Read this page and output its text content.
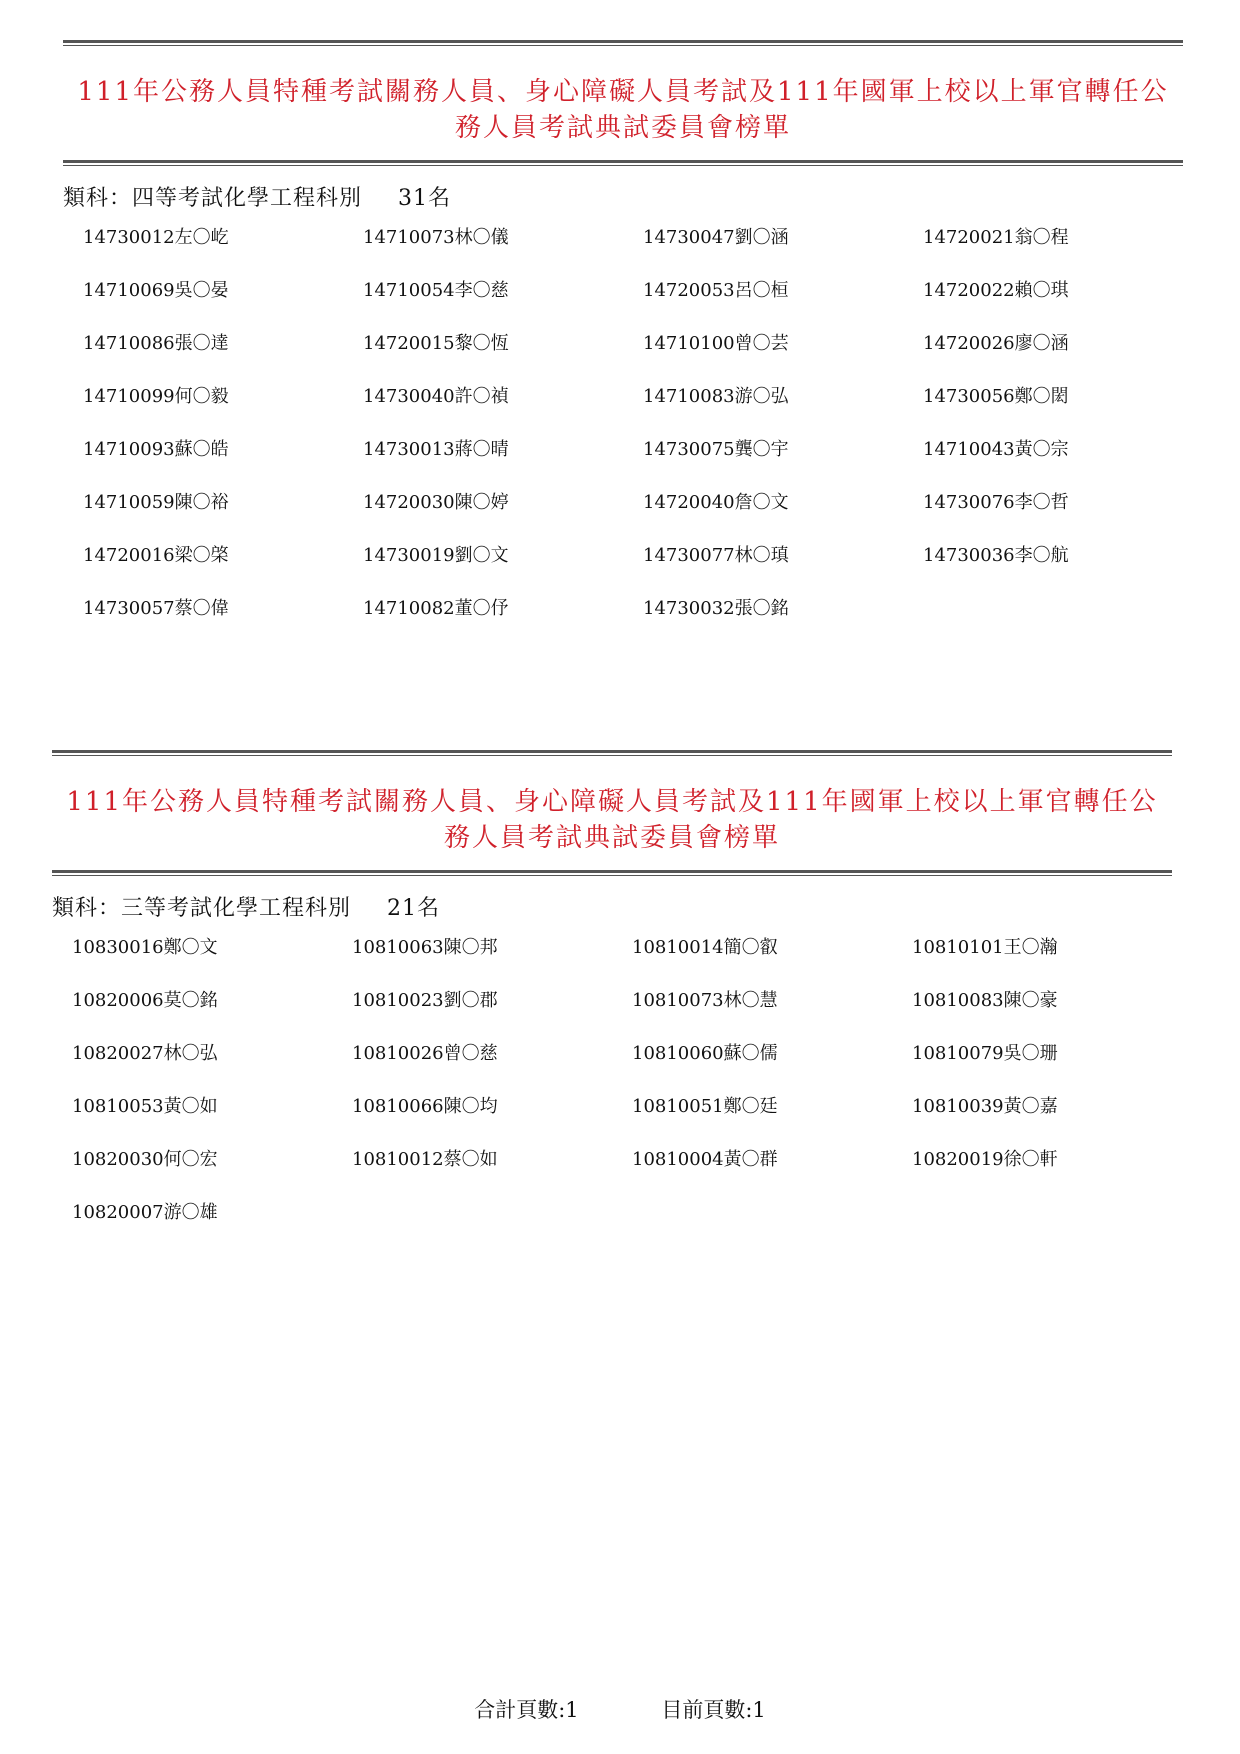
111年公務人員特種考試關務人員、身心障礙人員考試及111年國軍上校以上軍官轉任公
務人員考試典試委員會榜單
類科：四等考試化學工程科別 31名
14730012左〇屹	14710073林〇儀	14730047劉〇涵	14720021翁〇程
14710069吳〇晏	14710054李〇慈	14720053呂〇桓	14720022賴〇琪
14710086張〇達	14720015黎〇恆	14710100曾〇芸	14720026廖〇涵
14710099何〇毅	14730040許〇禎	14710083游〇弘	14730056鄭〇閎
14710093蘇〇皓	14730013蔣〇晴	14730075龔〇宇	14710043黃〇宗
14710059陳〇裕	14720030陳〇婷	14720040詹〇文	14730076李〇哲
14720016梁〇棨	14730019劉〇文	14730077林〇瑱	14730036李〇航
14730057蔡〇偉	14710082董〇伃	14730032張〇銘
111年公務人員特種考試關務人員、身心障礙人員考試及111年國軍上校以上軍官轉任公
務人員考試典試委員會榜單
類科：三等考試化學工程科別 21名
10830016鄭〇文	10810063陳〇邦	10810014簡〇叡	10810101王〇瀚
10820006莫〇銘	10810023劉〇郡	10810073林〇慧	10810083陳〇豪
10820027林〇弘	10810026曾〇慈	10810060蘇〇儒	10810079吳〇珊
10810053黃〇如	10810066陳〇均	10810051鄭〇廷	10810039黃〇嘉
10820030何〇宏	10810012蔡〇如	10810004黃〇群	10820019徐〇軒
10820007游〇雄
合計頁數:1	目前頁數:1
